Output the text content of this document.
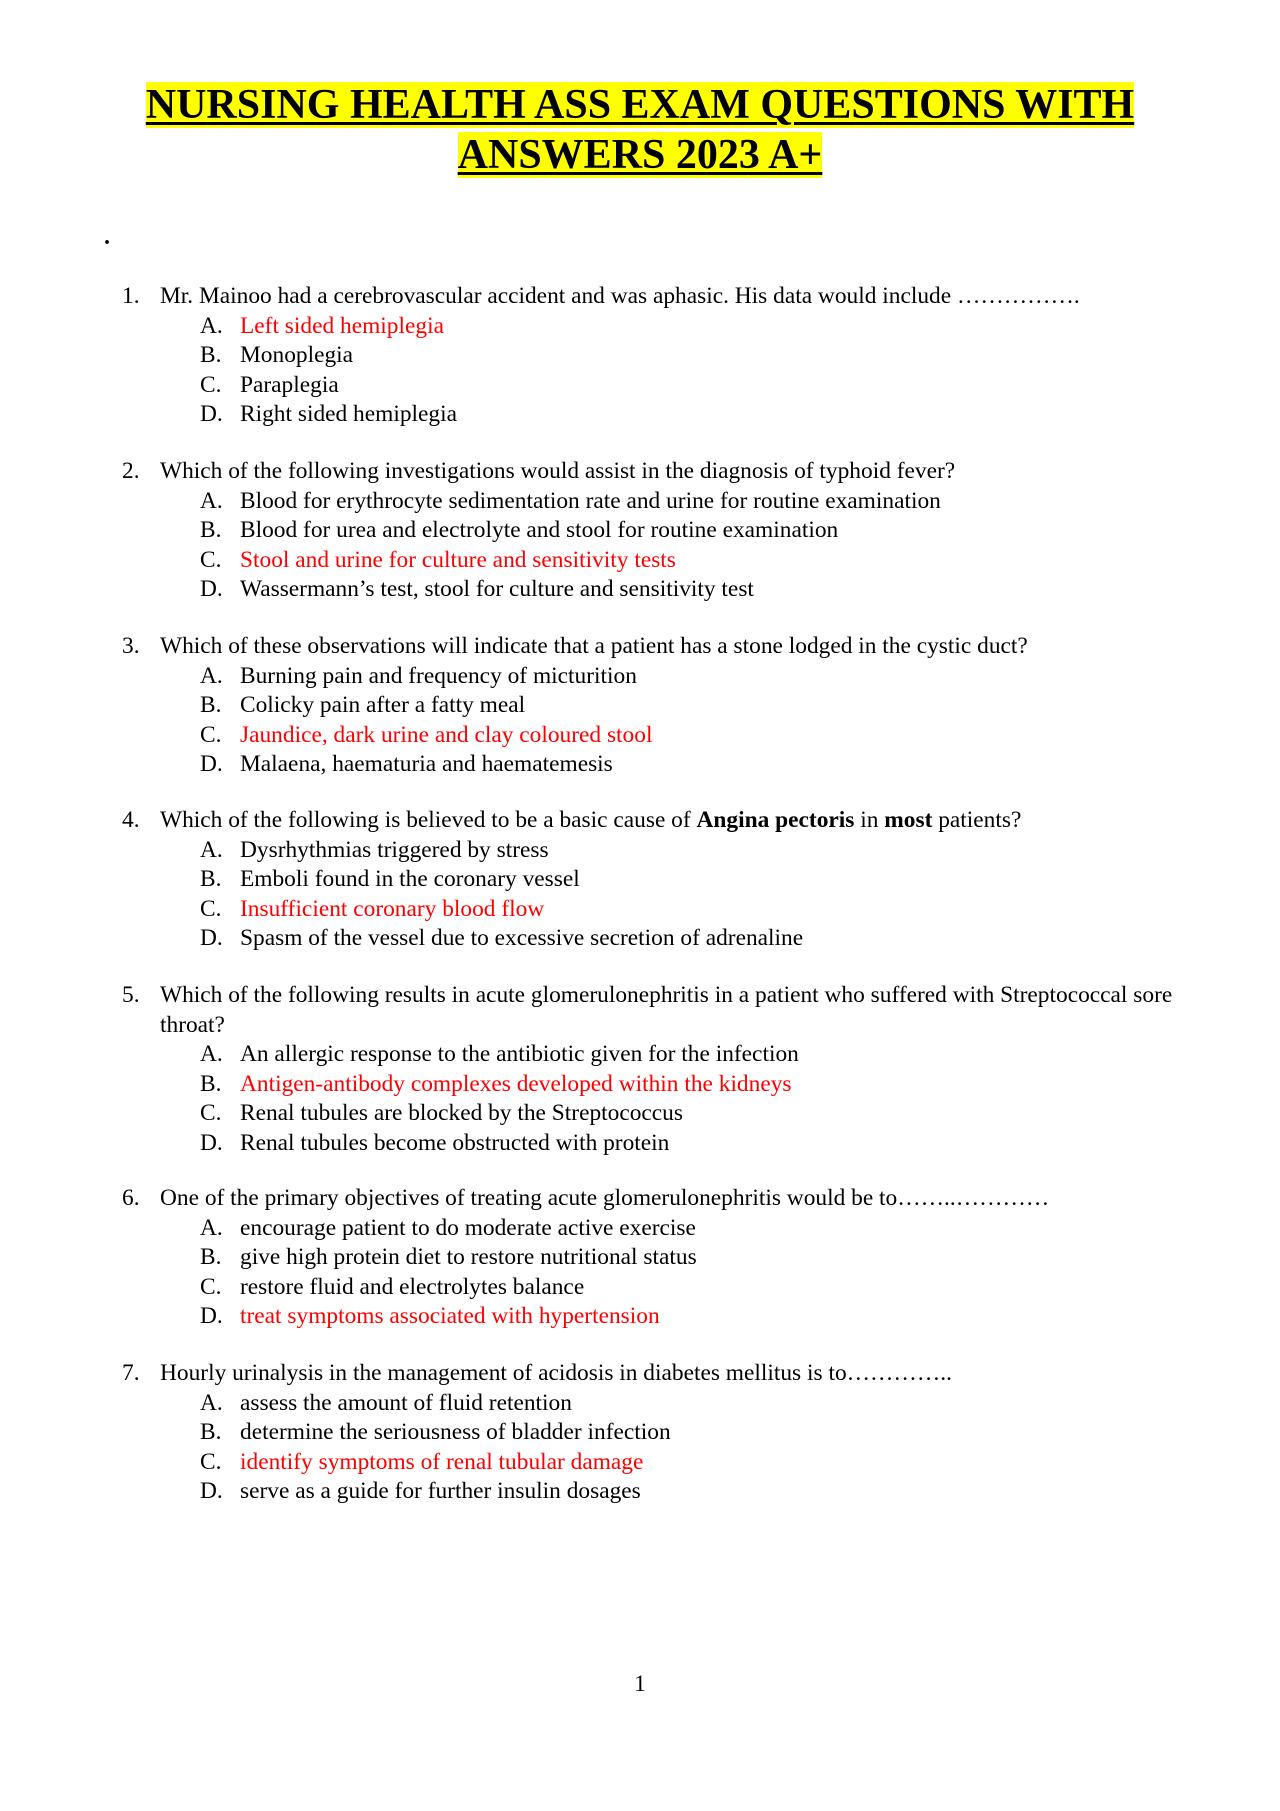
NURSING HEALTH ASS EXAM QUESTIONS WITH
ANSWERS 2023 A+
.
1. Mr. Mainoo had a cerebrovascular accident and was aphasic. His data would include …………….
A. Left sided hemiplegia
B. Monoplegia
C. Paraplegia
D. Right sided hemiplegia
2. Which of the following investigations would assist in the diagnosis of typhoid fever?
A. Blood for erythrocyte sedimentation rate and urine for routine examination
B. Blood for urea and electrolyte and stool for routine examination
C. Stool and urine for culture and sensitivity tests
D. Wassermann’s test, stool for culture and sensitivity test
3. Which of these observations will indicate that a patient has a stone lodged in the cystic duct?
A. Burning pain and frequency of micturition
B. Colicky pain after a fatty meal
C. Jaundice, dark urine and clay coloured stool
D. Malaena, haematuria and haematemesis
4. Which of the following is believed to be a basic cause of Angina pectoris in most patients?
A. Dysrhythmias triggered by stress
B. Emboli found in the coronary vessel
C. Insufficient coronary blood flow
D. Spasm of the vessel due to excessive secretion of adrenaline
5. Which of the following results in acute glomerulonephritis in a patient who suffered with Streptococcal sore throat?
A. An allergic response to the antibiotic given for the infection
B. Antigen-antibody complexes developed within the kidneys
C. Renal tubules are blocked by the Streptococcus
D. Renal tubules become obstructed with protein
6. One of the primary objectives of treating acute glomerulonephritis would be to……..…………
A. encourage patient to do moderate active exercise
B. give high protein diet to restore nutritional status
C. restore fluid and electrolytes balance
D. treat symptoms associated with hypertension
7. Hourly urinalysis in the management of acidosis in diabetes mellitus is to…………..
A. assess the amount of fluid retention
B. determine the seriousness of bladder infection
C. identify symptoms of renal tubular damage
D. serve as a guide for further insulin dosages
1
